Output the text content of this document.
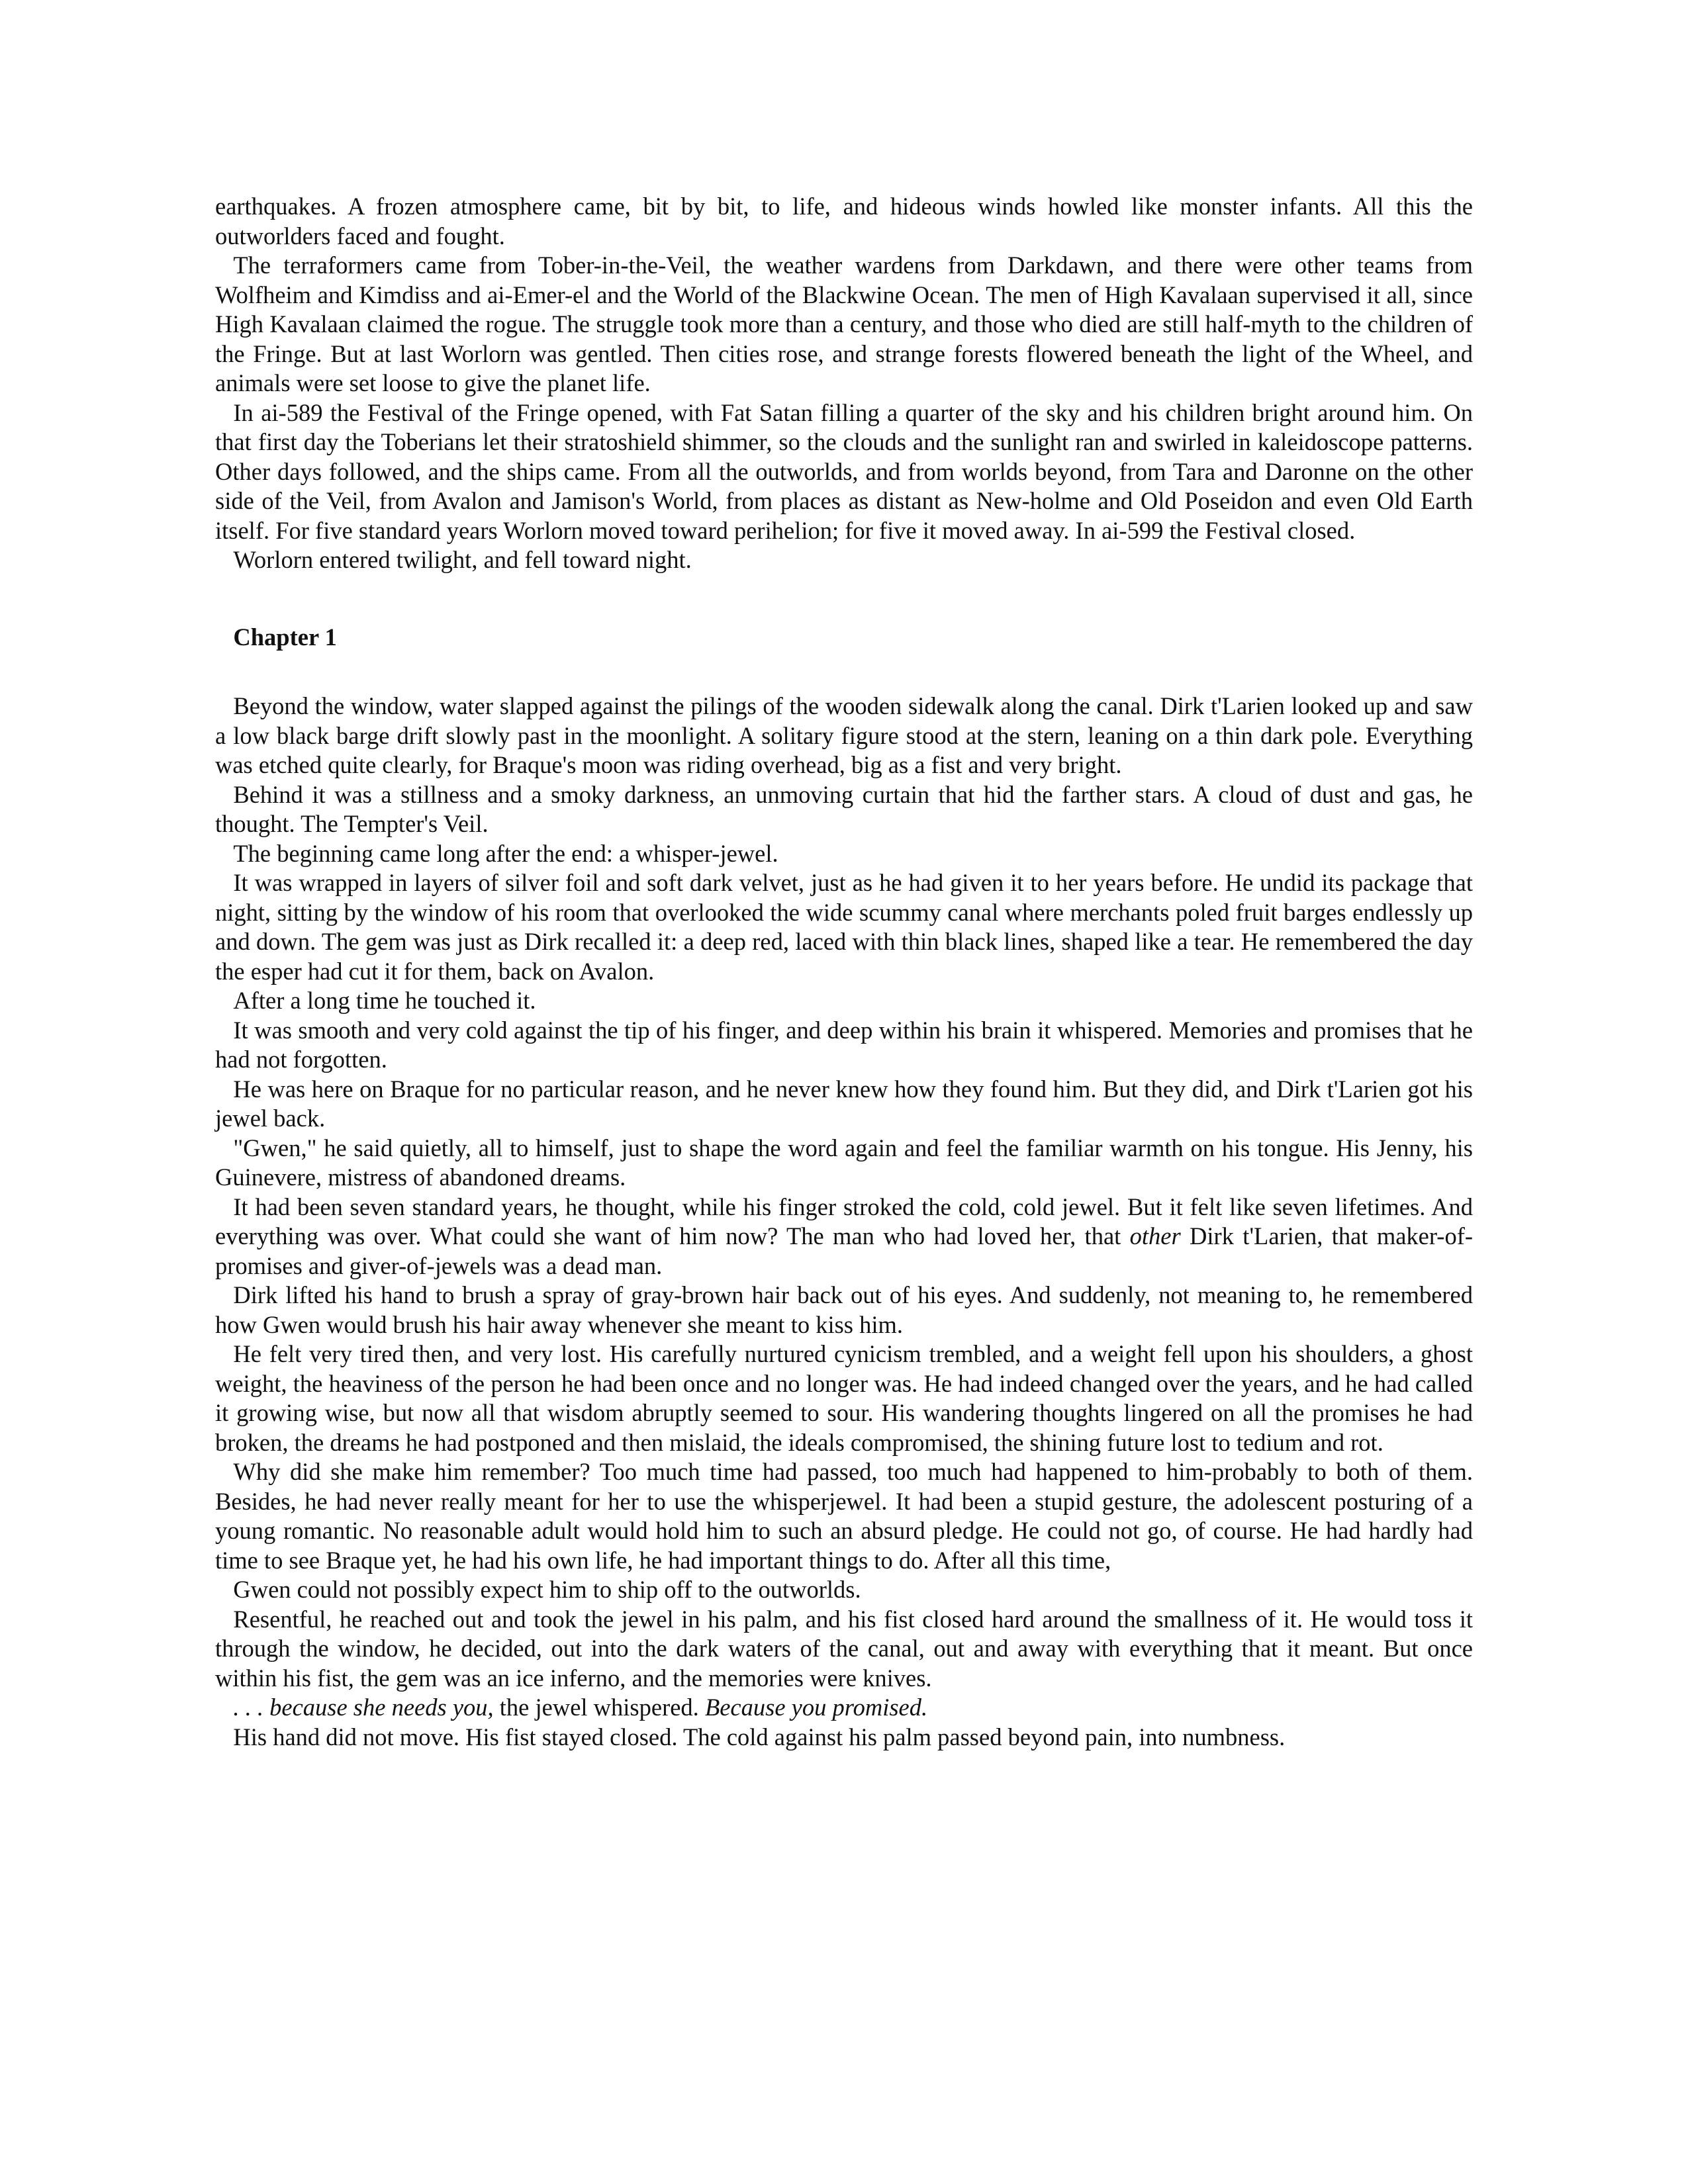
earthquakes. A frozen atmosphere came, bit by bit, to life, and hideous winds howled like monster infants. All this the outworlders faced and fought.

The terraformers came from Tober-in-the-Veil, the weather wardens from Darkdawn, and there were other teams from Wolfheim and Kimdiss and ai-Emer-el and the World of the Blackwine Ocean. The men of High Kavalaan supervised it all, since High Kavalaan claimed the rogue. The struggle took more than a century, and those who died are still half-myth to the children of the Fringe. But at last Worlorn was gentled. Then cities rose, and strange forests flowered beneath the light of the Wheel, and animals were set loose to give the planet life.

In ai-589 the Festival of the Fringe opened, with Fat Satan filling a quarter of the sky and his children bright around him. On that first day the Toberians let their stratoshield shimmer, so the clouds and the sunlight ran and swirled in kaleidoscope patterns. Other days followed, and the ships came. From all the outworlds, and from worlds beyond, from Tara and Daronne on the other side of the Veil, from Avalon and Jamison's World, from places as distant as New-holme and Old Poseidon and even Old Earth itself. For five standard years Worlorn moved toward perihelion; for five it moved away. In ai-599 the Festival closed.

Worlorn entered twilight, and fell toward night.

Chapter 1

Beyond the window, water slapped against the pilings of the wooden sidewalk along the canal. Dirk t'Larien looked up and saw a low black barge drift slowly past in the moonlight. A solitary figure stood at the stern, leaning on a thin dark pole. Everything was etched quite clearly, for Braque's moon was riding overhead, big as a fist and very bright.

Behind it was a stillness and a smoky darkness, an unmoving curtain that hid the farther stars. A cloud of dust and gas, he thought. The Tempter's Veil.

The beginning came long after the end: a whisper-jewel.

It was wrapped in layers of silver foil and soft dark velvet, just as he had given it to her years before. He undid its package that night, sitting by the window of his room that overlooked the wide scummy canal where merchants poled fruit barges endlessly up and down. The gem was just as Dirk recalled it: a deep red, laced with thin black lines, shaped like a tear. He remembered the day the esper had cut it for them, back on Avalon.

After a long time he touched it.

It was smooth and very cold against the tip of his finger, and deep within his brain it whispered. Memories and promises that he had not forgotten.

He was here on Braque for no particular reason, and he never knew how they found him. But they did, and Dirk t'Larien got his jewel back.

"Gwen," he said quietly, all to himself, just to shape the word again and feel the familiar warmth on his tongue. His Jenny, his Guinevere, mistress of abandoned dreams.

It had been seven standard years, he thought, while his finger stroked the cold, cold jewel. But it felt like seven lifetimes. And everything was over. What could she want of him now? The man who had loved her, that other Dirk t'Larien, that maker-of-promises and giver-of-jewels was a dead man.

Dirk lifted his hand to brush a spray of gray-brown hair back out of his eyes. And suddenly, not meaning to, he remembered how Gwen would brush his hair away whenever she meant to kiss him.

He felt very tired then, and very lost. His carefully nurtured cynicism trembled, and a weight fell upon his shoulders, a ghost weight, the heaviness of the person he had been once and no longer was. He had indeed changed over the years, and he had called it growing wise, but now all that wisdom abruptly seemed to sour. His wandering thoughts lingered on all the promises he had broken, the dreams he had postponed and then mislaid, the ideals compromised, the shining future lost to tedium and rot.

Why did she make him remember? Too much time had passed, too much had happened to him-probably to both of them. Besides, he had never really meant for her to use the whisperjewel. It had been a stupid gesture, the adolescent posturing of a young romantic. No reasonable adult would hold him to such an absurd pledge. He could not go, of course. He had hardly had time to see Braque yet, he had his own life, he had important things to do. After all this time,

Gwen could not possibly expect him to ship off to the outworlds.

Resentful, he reached out and took the jewel in his palm, and his fist closed hard around the smallness of it. He would toss it through the window, he decided, out into the dark waters of the canal, out and away with everything that it meant. But once within his fist, the gem was an ice inferno, and the memories were knives.

. . . because she needs you, the jewel whispered. Because you promised.

His hand did not move. His fist stayed closed. The cold against his palm passed beyond pain, into numbness.
